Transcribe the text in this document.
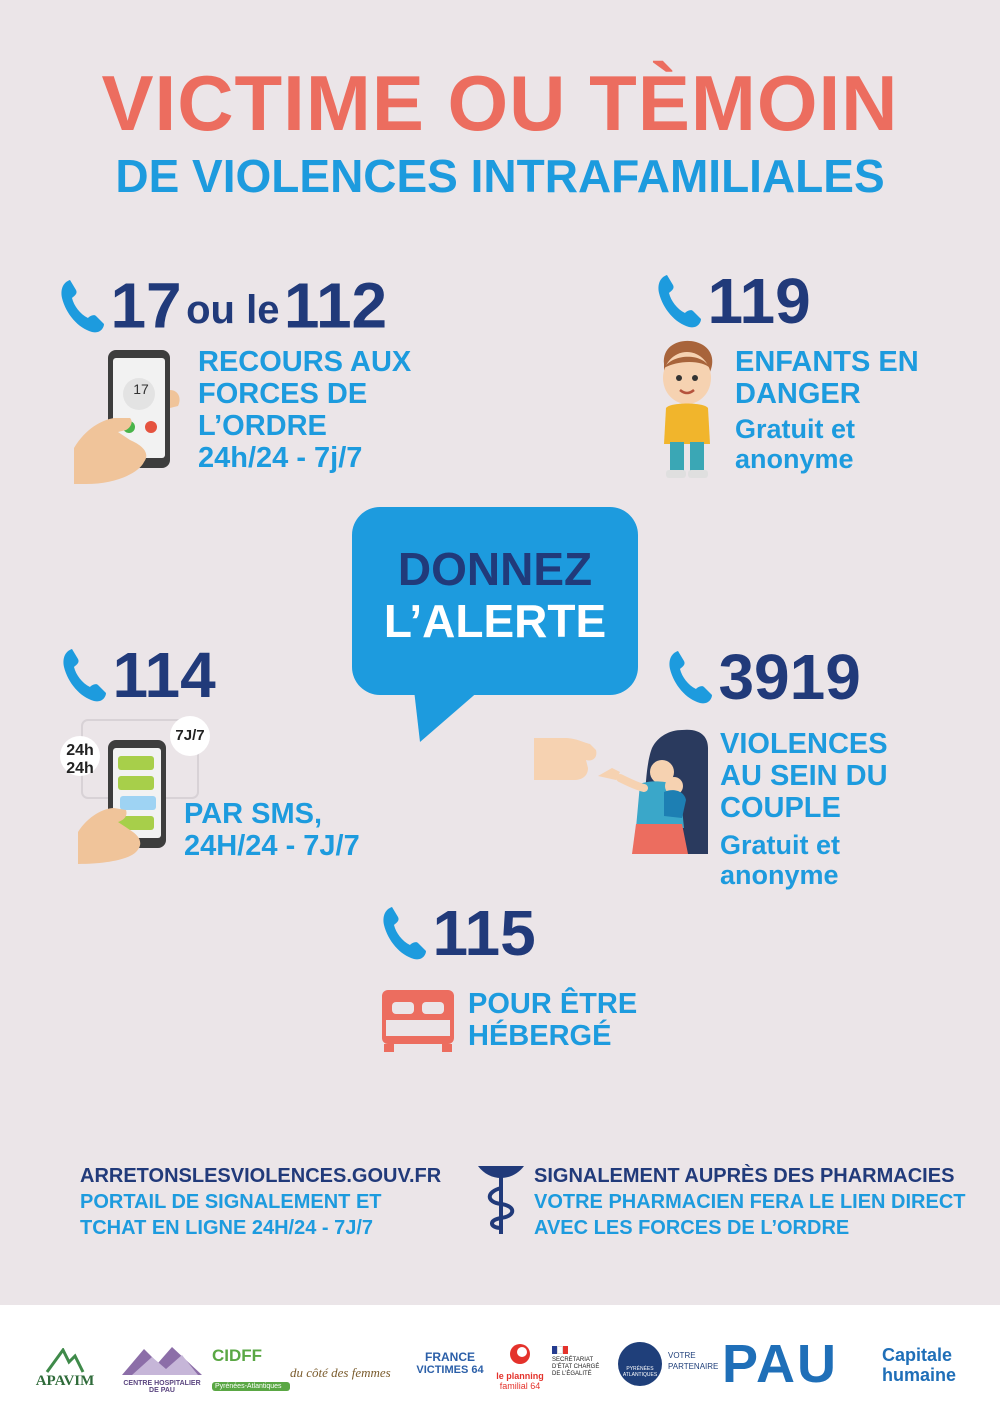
VICTIME OU TÈMOIN
DE VIOLENCES INTRAFAMILIALES
17 ou le 112
17
RECOURS AUX
FORCES DE
L’ORDRE
24h/24 - 7j/7
119
ENFANTS EN
DANGER
Gratuit et
anonyme
DONNEZ
L’ALERTE
114
24h
24h
7J/7
PAR SMS,
24H/24 - 7J/7
3919
VIOLENCES
AU SEIN DU
COUPLE
Gratuit et
anonyme
115
POUR ÊTRE
HÉBERGÉ
ARRETONSLESVIOLENCES.GOUV.FR
PORTAIL DE SIGNALEMENT ET
TCHAT EN LIGNE 24H/24 - 7J/7
SIGNALEMENT AUPRÈS DES PHARMACIES
VOTRE PHARMACIEN FERA LE LIEN DIRECT
AVEC LES FORCES DE L’ORDRE
APAVIM	CENTRE HOSPITALIER DE PAU
CIDFF
Pyrénées-Atlantiques
du côté des femmes
FRANCE
VICTIMES 64	le planning
familial 64
SECRÉTARIAT D’ÉTAT CHARGÉ DE L’ÉGALITÉ
PYRÉNÉES ATLANTIQUES
VOTRE
PARTENAIRE PAU Capitale
humaine
